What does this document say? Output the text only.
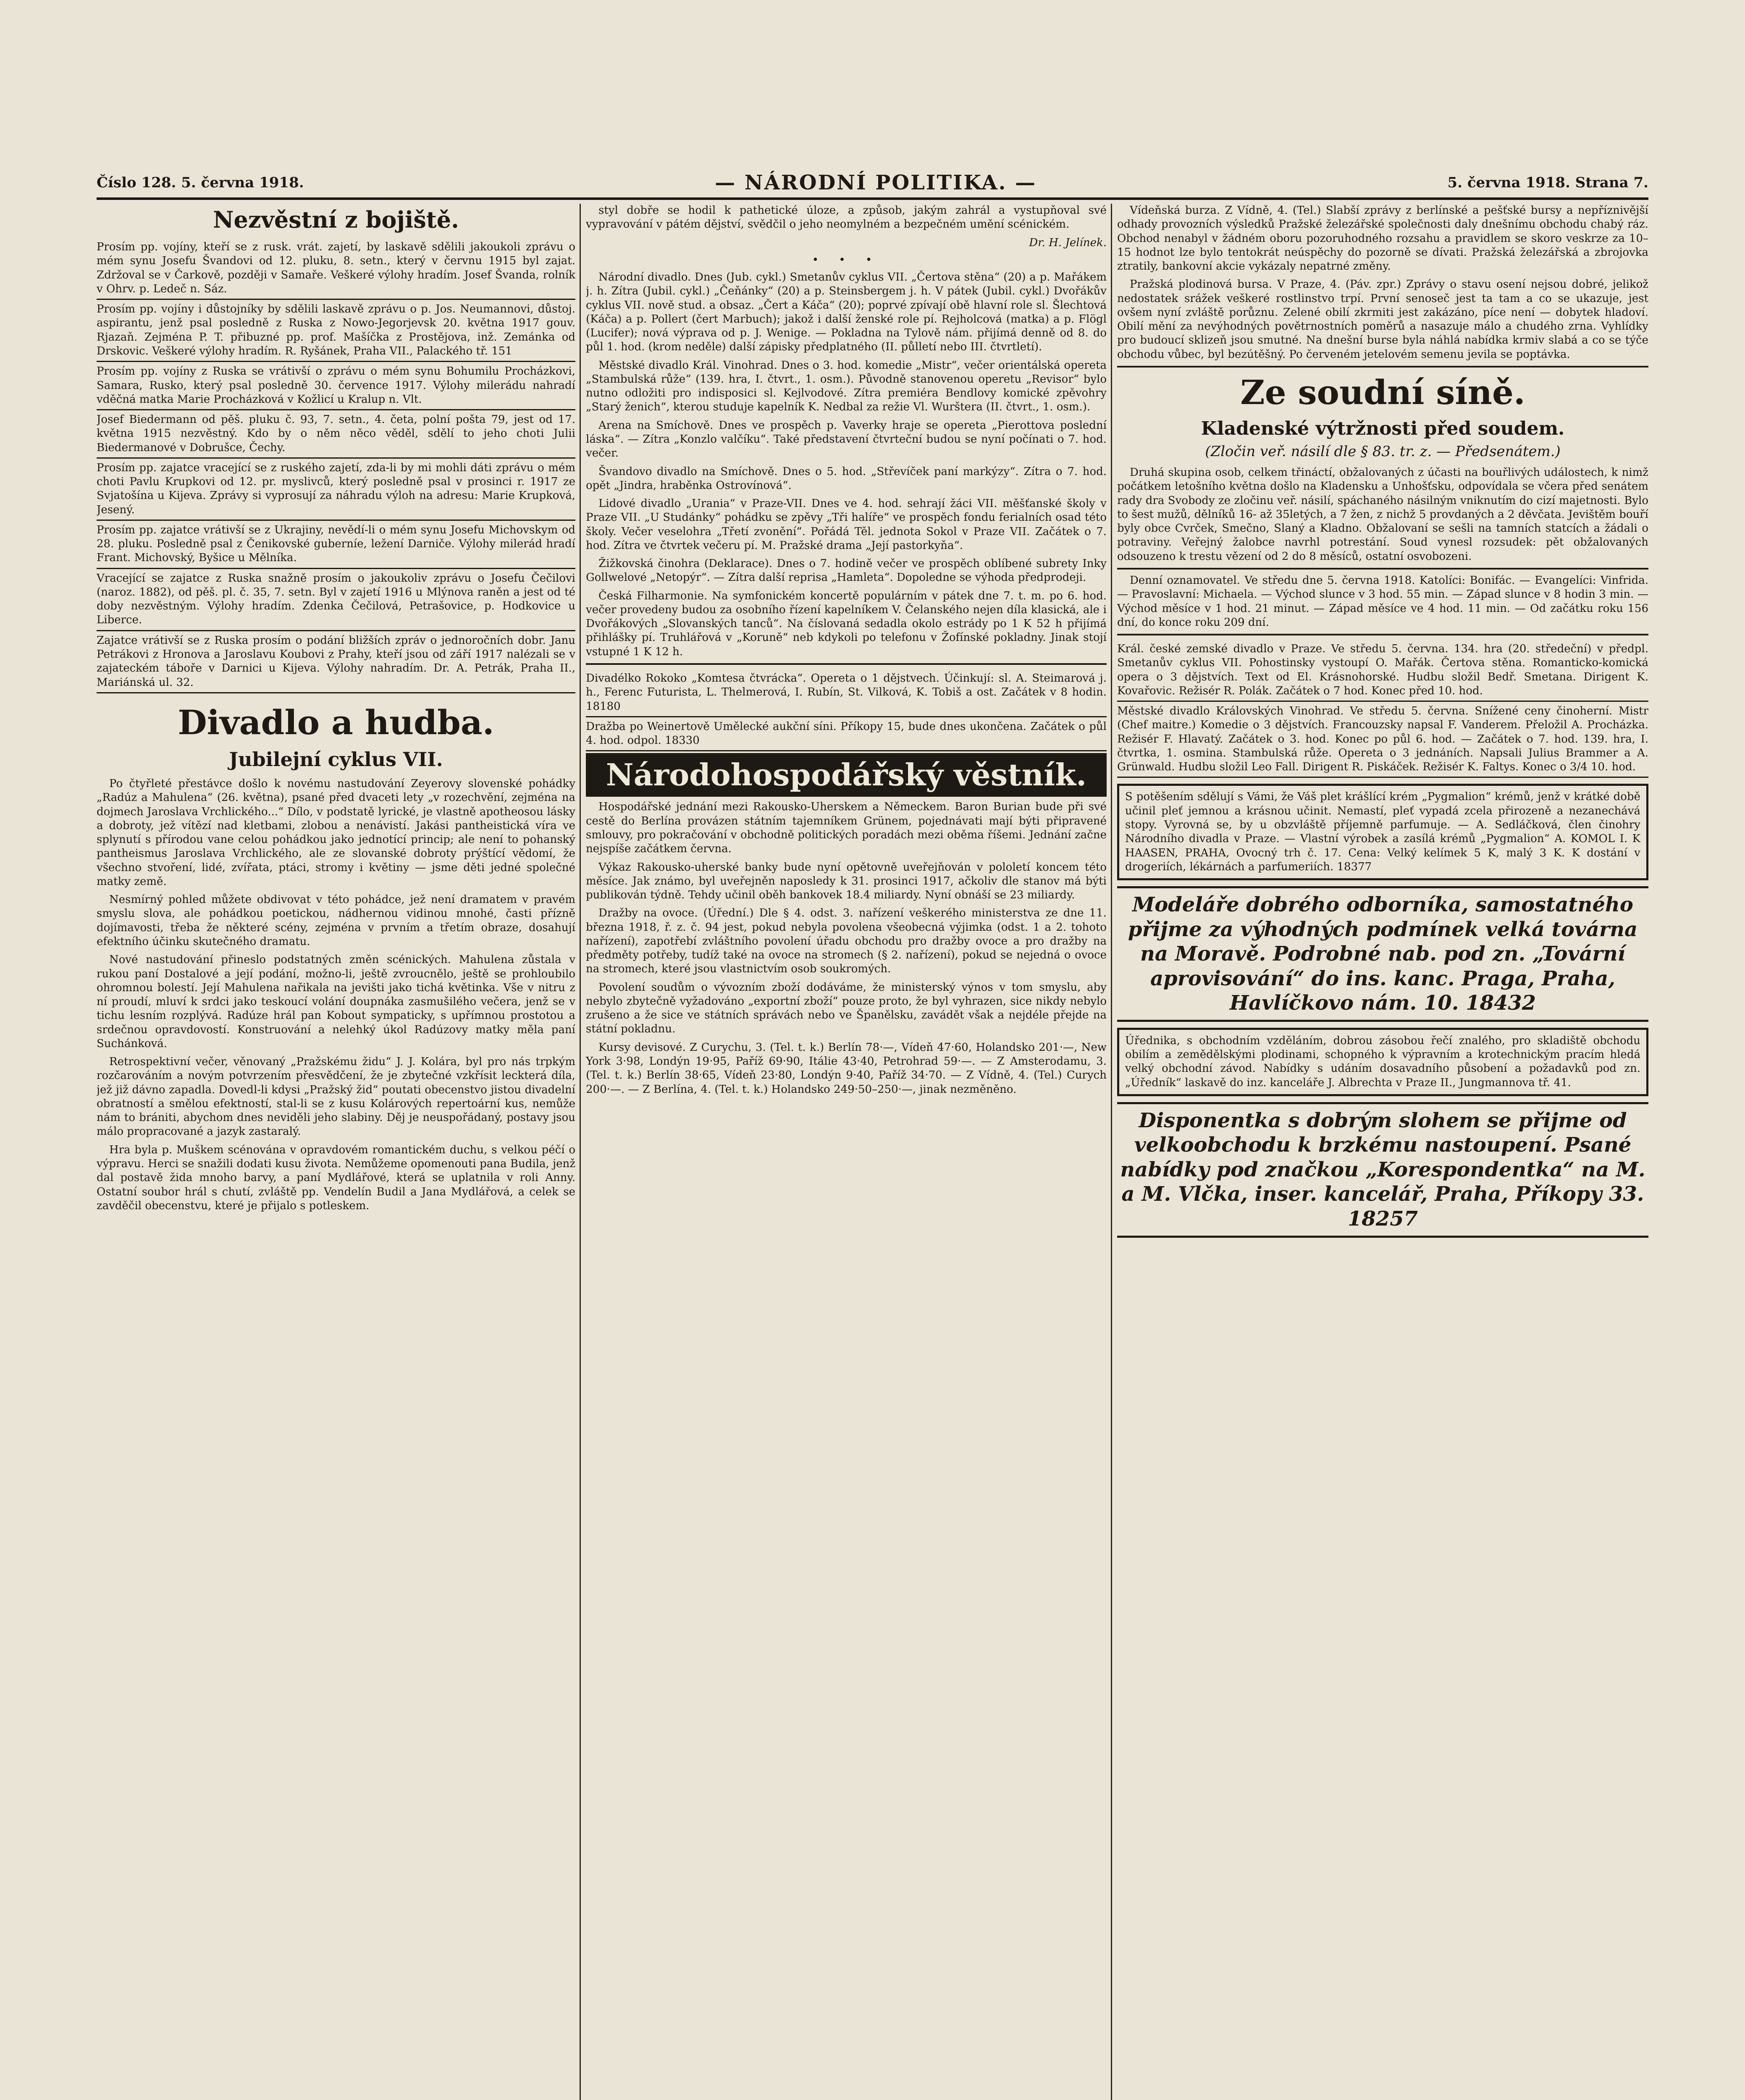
Číslo 128. 5. června 1918.	— NÁRODNÍ POLITIKA. —	5. června 1918. Strana 7.
Nezvěstní z bojiště.

Prosím pp. vojíny, kteří se z rusk. vrát. zajetí, by laskavě sdělili jakoukoli zprávu o mém synu Josefu Švandovi od 12. pluku, 8. setn., který v červnu 1915 byl zajat. Zdržoval se v Čarkově, později v Samaře. Veškeré výlohy hradím. Josef Švanda, rolník v Ohrv. p. Ledeč n. Sáz.

Prosím pp. vojíny i důstojníky by sdělili laskavě zprávu o p. Jos. Neumannovi, důstoj. aspirantu, jenž psal posledně z Ruska z Nowo-Jegorjevsk 20. května 1917 gouv. Rjazaň. Zejména P. T. přibuzné pp. prof. Mašíčka z Prostějova, inž. Zemánka od Drskovic. Veškeré výlohy hradím. R. Ryšánek, Praha VII., Palackého tř. 151

Prosím pp. vojíny z Ruska se vrátivší o zprávu o mém synu Bohumilu Procházkovi, Samara, Rusko, který psal posledně 30. července 1917. Výlohy milerádu nahradí vděčná matka Marie Procházková v Kožlicí u Kralup n. Vlt.

Josef Biedermann od pěš. pluku č. 93, 7. setn., 4. četa, polní pošta 79, jest od 17. května 1915 nezvěstný. Kdo by o něm něco věděl, sdělí to jeho choti Julii Biedermanové v Dobrušce, Čechy.

Prosím pp. zajatce vracející se z ruského zajetí, zda-li by mi mohli dáti zprávu o mém choti Pavlu Krupkovi od 12. pr. myslivců, který posledně psal v prosinci r. 1917 ze Svjatošína u Kijeva. Zprávy si vyprosují za náhradu výloh na adresu: Marie Krupková, Jesený.

Prosím pp. zajatce vrátivší se z Ukrajiny, nevědí-li o mém synu Josefu Michovskym od 28. pluku. Posledně psal z Čenikovské guberníe, ležení Darniče. Výlohy milerád hradí Frant. Michovský, Byšice u Mělníka.

Vracející se zajatce z Ruska snažně prosím o jakoukoliv zprávu o Josefu Čečilovi (naroz. 1882), od pěš. pl. č. 35, 7. setn. Byl v zajetí 1916 u Mlýnova raněn a jest od té doby nezvěstným. Výlohy hradím. Zdenka Čečilová, Petrašovice, p. Hodkovice u Liberce.

Zajatce vrátivší se z Ruska prosím o podání bližších zpráv o jednoročních dobr. Janu Petrákovi z Hronova a Jaroslavu Koubovi z Prahy, kteří jsou od září 1917 nalézali se v zajateckém táboře v Darnici u Kijeva. Výlohy nahradím. Dr. A. Petrák, Praha II., Mariánská ul. 32.

Divadlo a hudba.
Jubilejní cyklus VII.

Po čtyřleté přestávce došlo k novému nastudování Zeyerovy slovenské pohádky „Radúz a Mahulena“ (26. května), psané před dvaceti lety „v rozechvění, zejména na dojmech Jaroslava Vrchlického...“ Dílo, v podstatě lyrické, je vlastně apotheosou lásky a dobroty, jež vítězí nad kletbami, zlobou a nenávistí. Jakási pantheistická víra ve splynutí s přírodou vane celou pohádkou jako jednotící princip; ale není to pohanský pantheismus Jaroslava Vrchlického, ale ze slovanské dobroty prýštící vědomí, že všechno stvoření, lidé, zvířata, ptáci, stromy i květiny — jsme děti jedné společné matky země.

Nesmírný pohled můžete obdivovat v této pohádce, jež není dramatem v pravém smyslu slova, ale pohádkou poetickou, nádhernou vidinou mnohé, časti přízně dojímavosti, třeba že některé scény, zejména v prvním a třetím obraze, dosahují efektního účinku skutečného dramatu.

Nové nastudování přineslo podstatných změn scénických. Mahulena zůstala v rukou paní Dostalové a její podání, možno-li, ještě zvroucnělo, ještě se prohloubilo ohromnou bolestí. Její Mahulena nařikala na jevišti jako tichá květinka. Vše v nitru z ní proudí, mluví k srdci jako teskoucí volání doupnáka zasmušilého večera, jenž se v tichu lesním rozplývá. Radúze hrál pan Kobout sympaticky, s upřímnou prostotou a srdečnou opravdovostí. Konstruování a nelehký úkol Radúzovy matky měla paní Suchánková.

Retrospektivní večer, věnovaný „Pražskému židu“ J. J. Kolára, byl pro nás trpkým rozčarováním a novým potvrzením přesvědčení, že je zbytečné vzkřísit leckterá díla, jež již dávno zapadla. Dovedl-li kdysi „Pražský žid“ poutati obecenstvo jistou divadelní obratností a smělou efektností, stal-li se z kusu Kolárových repertoární kus, nemůže nám to brániti, abychom dnes neviděli jeho slabiny. Děj je neuspořádaný, postavy jsou málo propracované a jazyk zastaralý.

Hra byla p. Muškem scénována v opravdovém romantickém duchu, s velkou péčí o výpravu. Herci se snažili dodati kusu života. Nemůžeme opomenouti pana Budila, jenž dal postavě žida mnoho barvy, a paní Mydlářové, která se uplatnila v roli Anny. Ostatní soubor hrál s chutí, zvláště pp. Vendelín Budil a Jana Mydlářová, a celek se zavděčil obecenstvu, které je přijalo s potleskem.

styl dobře se hodil k pathetické úloze, a způsob, jakým zahrál a vystupňoval své vypravování v pátém dějství, svědčil o jeho neomylném a bezpečném umění scénickém.

Dr. H. Jelínek.
• • •

Národní divadlo. Dnes (Jub. cykl.) Smetanův cyklus VII. „Čertova stěna“ (20) a p. Mařákem j. h. Zítra (Jubil. cykl.) „Čeňánky“ (20) a p. Steinsbergem j. h. V pátek (Jubil. cykl.) Dvořákův cyklus VII. nově stud. a obsaz. „Čert a Káča“ (20); poprvé zpívají obě hlavní role sl. Šlechtová (Káča) a p. Pollert (čert Marbuch); jakož i další ženské role pí. Rejholcová (matka) a p. Flögl (Lucifer); nová výprava od p. J. Wenige. — Pokladna na Tylově nám. přijímá denně od 8. do půl 1. hod. (krom neděle) další zápisky předplatného (II. půlletí nebo III. čtvrtletí).

Městské divadlo Král. Vinohrad. Dnes o 3. hod. komedie „Mistr“, večer orientálská opereta „Stambulská růže“ (139. hra, I. čtvrt., 1. osm.). Původně stanovenou operetu „Revisor“ bylo nutno odložiti pro indisposici sl. Kejlvodové. Zítra premiéra Bendlovy komické zpěvohry „Starý ženich“, kterou studuje kapelník K. Nedbal za režie Vl. Wurštera (II. čtvrt., 1. osm.).

Arena na Smíchově. Dnes ve prospěch p. Vaverky hraje se opereta „Pierottova poslední láska“. — Zítra „Konzlo valčíku“. Také představení čtvrteční budou se nyní počínati o 7. hod. večer.

Švandovo divadlo na Smíchově. Dnes o 5. hod. „Střevíček paní markýzy“. Zítra o 7. hod. opět „Jindra, hraběnka Ostrovínová“.

Lidové divadlo „Urania“ v Praze-VII. Dnes ve 4. hod. sehrají žáci VII. měšťanské školy v Praze VII. „U Studánky“ pohádku se zpěvy „Tři halíře“ ve prospěch fondu ferialních osad této školy. Večer veselohra „Třetí zvonění“. Pořádá Těl. jednota Sokol v Praze VII. Začátek o 7. hod. Zítra ve čtvrtek večeru pí. M. Pražské drama „Její pastorkyňa“.

Žižkovská činohra (Deklarace). Dnes o 7. hodině večer ve prospěch oblíbené subrety Inky Gollwelové „Netopýr“. — Zítra další reprisa „Hamleta“. Dopoledne se výhoda předprodeji.

Česká Filharmonie. Na symfonickém koncertě populárním v pátek dne 7. t. m. po 6. hod. večer provedeny budou za osobního řízení kapelníkem V. Čelanského nejen díla klasická, ale i Dvořákových „Slovanských tanců“. Na číslovaná sedadla okolo estrády po 1 K 52 h přijímá přihlášky pí. Truhlářová v „Koruně“ neb kdykoli po telefonu v Žofínské pokladny. Jinak stojí vstupné 1 K 12 h.

Divadélko Rokoko „Komtesa čtvrácka“. Opereta o 1 dějstvech. Účinkují: sl. A. Steimarová j. h., Ferenc Futurista, L. Thelmerová, I. Rubín, St. Vilková, K. Tobiš a ost. Začátek v 8 hodin. 18180

Dražba po Weinertově Umělecké aukční síni. Příkopy 15, bude dnes ukončena. Začátek o půl 4. hod. odpol. 18330

Národohospodářský věstník.

Hospodářské jednání mezi Rakousko-Uherskem a Německem. Baron Burian bude při své cestě do Berlína provázen státním tajemníkem Grünem, pojednávati mají býti připravené smlouvy, pro pokračování v obchodně politických poradách mezi oběma říšemi. Jednání začne nejspíše začátkem června.

Výkaz Rakousko-uherské banky bude nyní opětovně uveřejňován v pololetí koncem této měsíce. Jak známo, byl uveřejněn naposledy k 31. prosinci 1917, ačkoliv dle stanov má býti publikován týdně. Tehdy učinil oběh bankovek 18.4 miliardy. Nyní obnáší se 23 miliardy.

Dražby na ovoce. (Úřední.) Dle § 4. odst. 3. nařízení veškerého ministerstva ze dne 11. března 1918, ř. z. č. 94 jest, pokud nebyla povolena všeobecná výjimka (odst. 1 a 2. tohoto nařízení), zapotřebí zvláštního povolení úřadu obchodu pro dražby ovoce a pro dražby na předměty potřeby, tudíž také na ovoce na stromech (§ 2. nařízení), pokud se nejedná o ovoce na stromech, které jsou vlastnictvím osob soukromých.

Povolení soudům o vývozním zboží dodáváme, že ministerský výnos v tom smyslu, aby nebylo zbytečně vyžadováno „exportní zboží“ pouze proto, že byl vyhrazen, sice nikdy nebylo zrušeno a že sice ve státních správách nebo ve Španělsku, zavádět však a nejdéle přejde na státní pokladnu.

Kursy devisové. Z Curychu, 3. (Tel. t. k.) Berlín 78·—, Vídeň 47·60, Holandsko 201·—, New York 3·98, Londýn 19·95, Paříž 69·90, Itálie 43·40, Petrohrad 59·—. — Z Amsterodamu, 3. (Tel. t. k.) Berlín 38·65, Vídeň 23·80, Londýn 9·40, Paříž 34·70. — Z Vídně, 4. (Tel.) Curych 200·—. — Z Berlína, 4. (Tel. t. k.) Holandsko 249·50–250·—, jinak nezměněno.

Vídeňská burza. Z Vídně, 4. (Tel.) Slabší zprávy z berlínské a pešťské bursy a nepříznivější odhady provozních výsledků Pražské železářské společnosti daly dnešnímu obchodu chabý ráz. Obchod nenabyl v žádném oboru pozoruhodného rozsahu a pravidlem se skoro veskrze za 10–15 hodnot lze bylo tentokrát neúspěchy do pozorně se dívati. Pražská železářská a zbrojovka ztratily, bankovní akcie vykázaly nepatrné změny.

Pražská plodinová bursa. V Praze, 4. (Páv. zpr.) Zprávy o stavu osení nejsou dobré, jelikož nedostatek srážek veškeré rostlinstvo trpí. První senoseč jest ta tam a co se ukazuje, jest ovšem nyní zvláště porůznu. Zelené obilí zkrmiti jest zakázáno, píce není — dobytek hladoví. Obilí mění za nevýhodných povětrnostních poměrů a nasazuje málo a chudého zrna. Vyhlídky pro budoucí sklizeň jsou smutné. Na dnešní burse byla náhlá nabídka krmiv slabá a co se týče obchodu vůbec, byl bezútěšný. Po červeném jetelovém semenu jevila se poptávka.

Ze soudní síně.
Kladenské výtržnosti před soudem.
(Zločin veř. násilí dle § 83. tr. z. — Předsenátem.)

Druhá skupina osob, celkem třináctí, obžalovaných z účasti na bouřlivých událostech, k nimž počátkem letošního května došlo na Kladensku a Unhošťsku, odpovídala se včera před senátem rady dra Svobody ze zločinu veř. násilí, spáchaného násilným vniknutím do cizí majetnosti. Bylo to šest mužů, dělníků 16- až 35letých, a 7 žen, z nichž 5 provdaných a 2 děvčata. Jevištěm bouří byly obce Cvrček, Smečno, Slaný a Kladno. Obžalovaní se sešli na tamních statcích a žádali o potraviny. Veřejný žalobce navrhl potrestání. Soud vynesl rozsudek: pět obžalovaných odsouzeno k trestu vězení od 2 do 8 měsíců, ostatní osvobozeni.

Denní oznamovatel. Ve středu dne 5. června 1918. Katolíci: Bonifác. — Evangelíci: Vinfrida. — Pravoslavní: Michaela. — Východ slunce v 3 hod. 55 min. — Západ slunce v 8 hodin 3 min. — Východ měsíce v 1 hod. 21 minut. — Západ měsíce ve 4 hod. 11 min. — Od začátku roku 156 dní, do konce roku 209 dní.

Král. české zemské divadlo v Praze. Ve středu 5. června. 134. hra (20. středeční) v předpl. Smetanův cyklus VII. Pohostinsky vystoupí O. Mařák. Čertova stěna. Romanticko-komická opera o 3 dějstvích. Text od El. Krásnohorské. Hudbu složil Bedř. Smetana. Dirigent K. Kovařovic. Režisér R. Polák. Začátek o 7 hod. Konec před 10. hod.

Městské divadlo Královských Vinohrad. Ve středu 5. června. Snížené ceny činoherní. Mistr (Chef maitre.) Komedie o 3 dějstvích. Francouzsky napsal F. Vanderem. Přeložil A. Procházka. Režisér F. Hlavatý. Začátek o 3. hod. Konec po půl 6. hod. — Začátek o 7. hod. 139. hra, I. čtvrtka, 1. osmina. Stambulská růže. Opereta o 3 jednáních. Napsali Julius Brammer a A. Grünwald. Hudbu složil Leo Fall. Dirigent R. Piskáček. Režisér K. Faltys. Konec o 3/4 10. hod.

S potěšením sdělují s Vámi, že Váš plet krášlící krém „Pygmalion“ krémů, jenž v krátké době učinil pleť jemnou a krásnou učinit. Nemastí, pleť vypadá zcela přirozeně a nezanechává stopy. Vyrovná se, by u obzvláště příjemně parfumuje. — A. Sedláčková, člen činohry Národního divadla v Praze. — Vlastní výrobek a zasílá krémů „Pygmalion“ A. KOMOL I. K HAASEN, PRAHA, Ovocný trh č. 17. Cena: Velký kelímek 5 K, malý 3 K. K dostání v drogeriích, lékárnách a parfumeriích. 18377
Modeláře dobrého odborníka, samostatného přijme za výhodných podmínek velká továrna na Moravě. Podrobné nab. pod zn. „Tovární aprovisování“ do ins. kanc. Praga, Praha, Havlíčkovo nám. 10. 18432
Úřednika, s obchodním vzděláním, dobrou zásobou řečí znalého, pro skladiště obchodu obilím a zemědělskými plodinami, schopného k výpravním a krotechnickým pracím hledá velký obchodní závod. Nabídky s udáním dosavadního působení a požadavků pod zn. „Úředník“ laskavě do inz. kanceláře J. Albrechta v Praze II., Jungmannova tř. 41.
Disponentka s dobrým slohem se přijme od velkoobchodu k brzkému nastoupení. Psané nabídky pod značkou „Korespondentka“ na M. a M. Vlčka, inser. kancelář, Praha, Příkopy 33. 18257
